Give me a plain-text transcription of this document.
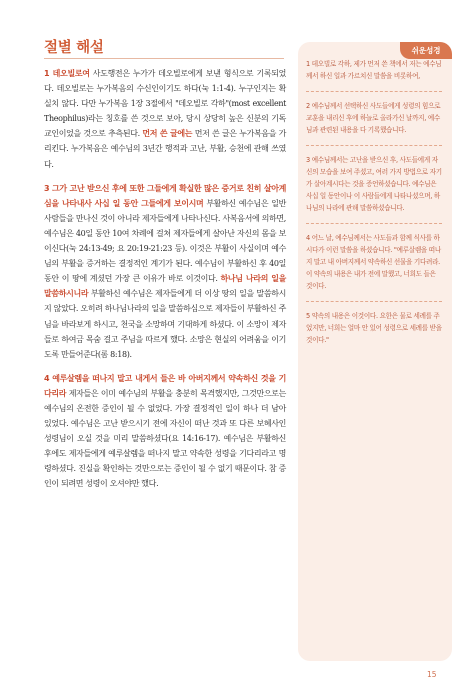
절별 해설

1 데오빌로여 사도행전은 누가가 데오빌로에게 보낸 형식으로 기록되었다. 데오빌로는 누가복음의 수신인이기도 하다(눅 1:1-4). 누구인지는 확실치 않다. 다만 누가복음 1장 3절에서 "데오빌로 각하"(most excellent Theophilus)라는 칭호를 쓴 것으로 보아, 당시 상당히 높은 신분의 기독교인이었을 것으로 추측된다. 먼저 쓴 글에는 먼저 쓴 글은 누가복음을 가리킨다. 누가복음은 예수님의 3년간 행적과 고난, 부활, 승천에 관해 쓰였다.

3 그가 고난 받으신 후에 또한 그들에게 확실한 많은 증거로 친히 살아계심을 나타내사 사십 일 동안 그들에게 보이시며 부활하신 예수님은 일반 사람들을 만나신 것이 아니라 제자들에게 나타나신다. 사복음서에 의하면, 예수님은 40일 동안 10여 차례에 걸쳐 제자들에게 살아난 자신의 몸을 보이신다(눅 24:13-49; 요 20:19-21:23 등). 이것은 부활이 사실이며 예수님의 부활을 증거하는 결정적인 계기가 된다. 예수님이 부활하신 후 40일 동안 이 땅에 계셨던 가장 큰 이유가 바로 이것이다. 하나님 나라의 일을 말씀하시니라 부활하신 예수님은 제자들에게 더 이상 땅의 일을 말씀하시지 않았다. 오히려 하나님나라의 일을 말씀하심으로 제자들이 부활하신 주님을 바라보게 하시고, 천국을 소망하며 기대하게 하셨다. 이 소망이 제자들로 하여금 목숨 걸고 주님을 따르게 했다. 소망은 현실의 어려움을 이기도록 만들어준다(롬 8:18).

4 예루살렘을 떠나지 말고 내게서 들은 바 아버지께서 약속하신 것을 기다리라 제자들은 이미 예수님의 부활을 충분히 목격했지만, 그것만으로는 예수님의 온전한 증인이 될 수 없었다. 가장 결정적인 일이 하나 더 남아 있었다. 예수님은 고난 받으시기 전에 자신이 떠난 것과 또 다른 보혜사인 성령님이 오실 것을 미리 말씀하셨다(요 14:16-17). 예수님은 부활하신 후에도 제자들에게 예루살렘을 떠나지 말고 약속한 성령을 기다리라고 명령하셨다. 진실을 확인하는 것만으로는 증인이 될 수 없기 때문이다. 참 증인이 되려면 성령이 오셔야만 했다.

쉬운성경

1 데오빌로 각하, 제가 먼저 쓴 책에서 저는 예수님께서 하신 일과 가르치신 말씀을 비롯하여,

2 예수님께서 선택하신 사도들에게 성령의 힘으로 교훈을 내리신 후에 하늘로 올라가신 날까지, 예수님과 관련된 내용을 다 기록했습니다.

3 예수님께서는 고난을 받으신 후, 사도들에게 자신의 모습을 보여 주셨고, 여러 가지 방법으로 자기가 살아계시다는 것을 증언하셨습니다. 예수님은 사십 일 동안이나 이 사람들에게 나타나셨으며, 하나님의 나라에 관해 말씀하셨습니다.

4 어느 날, 예수님께서는 사도들과 함께 식사를 하시다가 이런 말씀을 하셨습니다. "예루살렘을 떠나지 말고 내 아버지께서 약속하신 선물을 기다려라. 이 약속의 내용은 내가 전에 말했고, 너희도 들은 것이다.

5 약속의 내용은 이것이다. 요한은 물로 세례를 주었지만, 너희는 얼마 안 있어 성령으로 세례를 받을 것이다."

15
